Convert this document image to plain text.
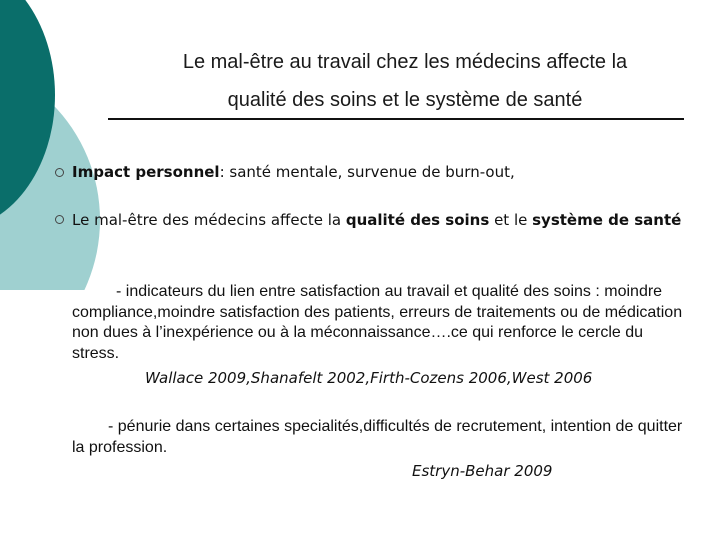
Le mal-être au travail chez les médecins affecte la
qualité des soins et le système de santé
Impact personnel: santé mentale, survenue de burn-out,
Le mal-être des médecins affecte la qualité des soins et le système de santé
- indicateurs du lien entre satisfaction au travail et qualité des soins : moindre compliance,moindre satisfaction des patients, erreurs de traitements ou de médication non dues à l’inexpérience ou à la méconnaissance….ce qui renforce le cercle du stress.
Wallace 2009,Shanafelt 2002,Firth-Cozens 2006,West 2006
- pénurie dans certaines specialités,difficultés de recrutement, intention de quitter la profession.
Estryn-Behar 2009
